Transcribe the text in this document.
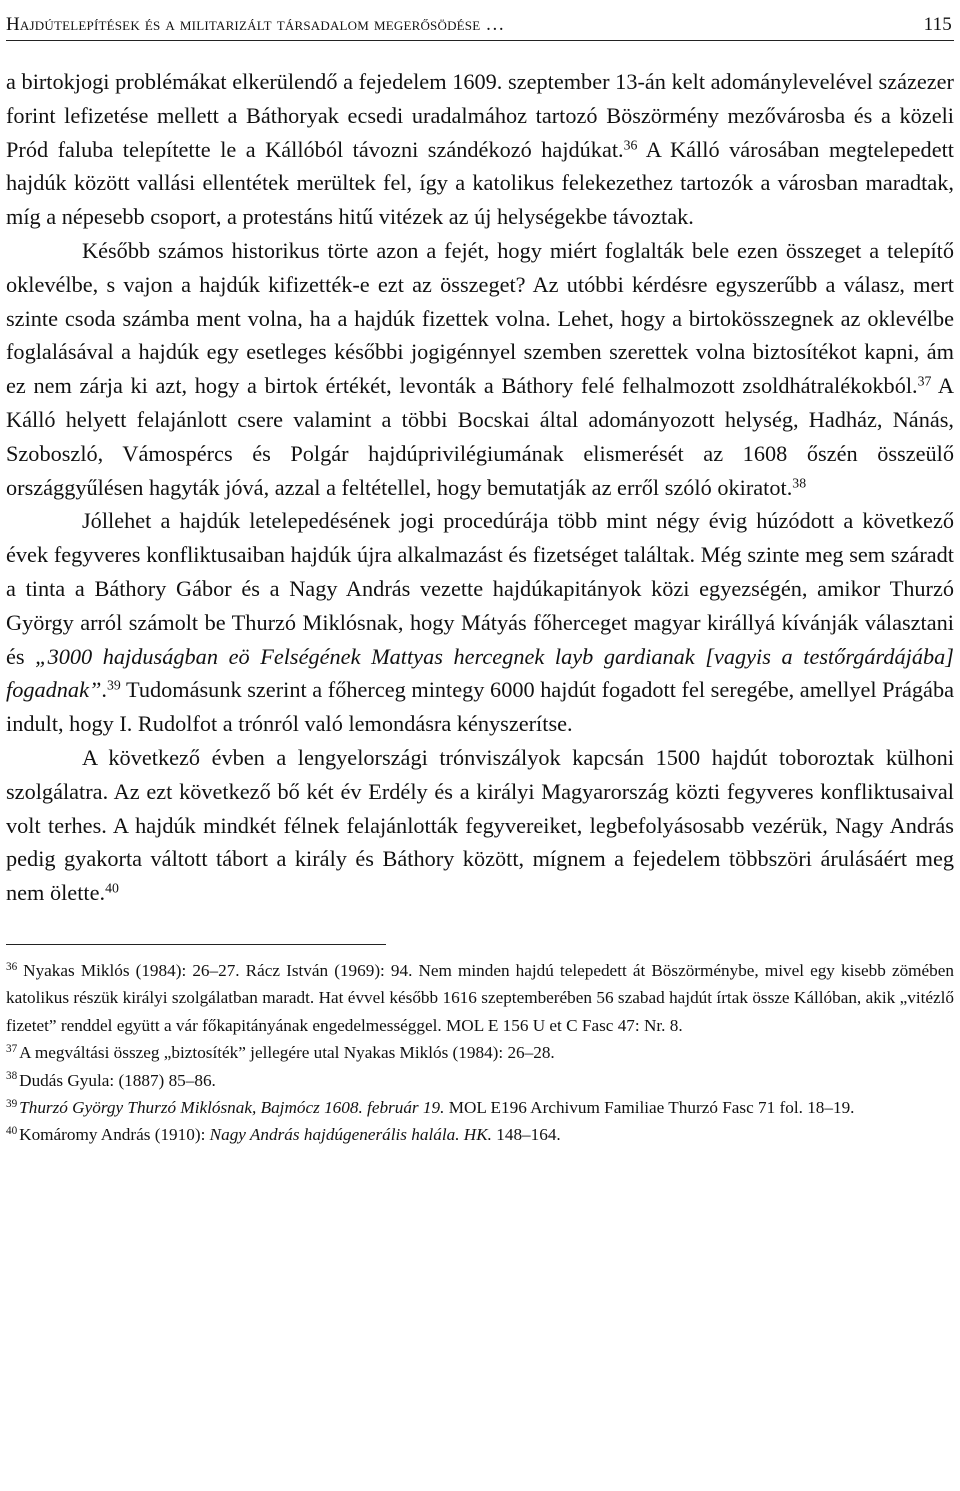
Hajdútelepítések és a militarizált társadalom megerősödése …	115

a birtokjogi problémákat elkerülendő a fejedelem 1609. szeptember 13-án kelt adománylevelével százezer forint lefizetése mellett a Báthoryak ecsedi uradalmához tartozó Böszörmény mezővárosba és a közeli Pród faluba telepítette le a Kállóból távozni szándékozó hajdúkat.$^{36}$ A Kálló városában megtelepedett hajdúk között vallási ellentétek merültek fel, így a katolikus felekezethez tartozók a városban maradtak, míg a népesebb csoport, a protestáns hitű vitézek az új helységekbe távoztak.

Később számos historikus törte azon a fejét, hogy miért foglalták bele ezen összeget a telepítő oklevélbe, s vajon a hajdúk kifizették-e ezt az összeget? Az utóbbi kérdésre egyszerűbb a válasz, mert szinte csoda számba ment volna, ha a hajdúk fizettek volna. Lehet, hogy a birtokösszegnek az oklevélbe foglalásával a hajdúk egy esetleges későbbi jogigénnyel szemben szerettek volna biztosítékot kapni, ám ez nem zárja ki azt, hogy a birtok értékét, levonták a Báthory felé felhalmozott zsoldhátralékokból.$^{37}$ A Kálló helyett felajánlott csere valamint a többi Bocskai által adományozott helység, Hadház, Nánás, Szoboszló, Vámospércs és Polgár hajdúprivilégiumának elismerését az 1608 őszén összeülő országgyűlésen hagyták jóvá, azzal a feltétellel, hogy bemutatják az erről szóló okiratot.$^{38}$

Jóllehet a hajdúk letelepedésének jogi procedúrája több mint négy évig húzódott a következő évek fegyveres konfliktusaiban hajdúk újra alkalmazást és fizetséget találtak. Még szinte meg sem száradt a tinta a Báthory Gábor és a Nagy András vezette hajdúkapitányok közi egyezségén, amikor Thurzó György arról számolt be Thurzó Miklósnak, hogy Mátyás főherceget magyar királlyá kívánják választani és „3000 hajduságban eö Felségének Mattyas hercegnek layb gardianak [vagyis a testőrgárdájába] fogadnak”.$^{39}$ Tudomásunk szerint a főherceg mintegy 6000 hajdút fogadott fel seregébe, amellyel Prágába indult, hogy I. Rudolfot a trónról való lemondásra kényszerítse.

A következő évben a lengyelországi trónviszályok kapcsán 1500 hajdút toboroztak külhoni szolgálatra. Az ezt következő bő két év Erdély és a királyi Magyarország közti fegyveres konfliktusaival volt terhes. A hajdúk mindkét félnek felajánlották fegyvereiket, legbefolyásosabb vezérük, Nagy András pedig gyakorta váltott tábort a király és Báthory között, mígnem a fejedelem többszöri árulásáért meg nem ölette.$^{40}$

$^{36}$ Nyakas Miklós (1984): 26–27. Rácz István (1969): 94. Nem minden hajdú telepedett át Böszörménybe, mivel egy kisebb zömében katolikus részük királyi szolgálatban maradt. Hat évvel később 1616 szeptemberében 56 szabad hajdút írtak össze Kállóban, akik „vitézlő fizetet” renddel együtt a vár főkapitányának engedelmességgel. MOL E 156 U et C Fasc 47: Nr. 8.

$^{37}$ A megváltási összeg „biztosíték” jellegére utal Nyakas Miklós (1984): 26–28.

$^{38}$ Dudás Gyula: (1887) 85–86.

$^{39}$ Thurzó György Thurzó Miklósnak, Bajmócz 1608. február 19. MOL E196 Archivum Familiae Thurzó Fasc 71 fol. 18–19.

$^{40}$ Komáromy András (1910): Nagy András hajdúgenerális halála. HK. 148–164.
